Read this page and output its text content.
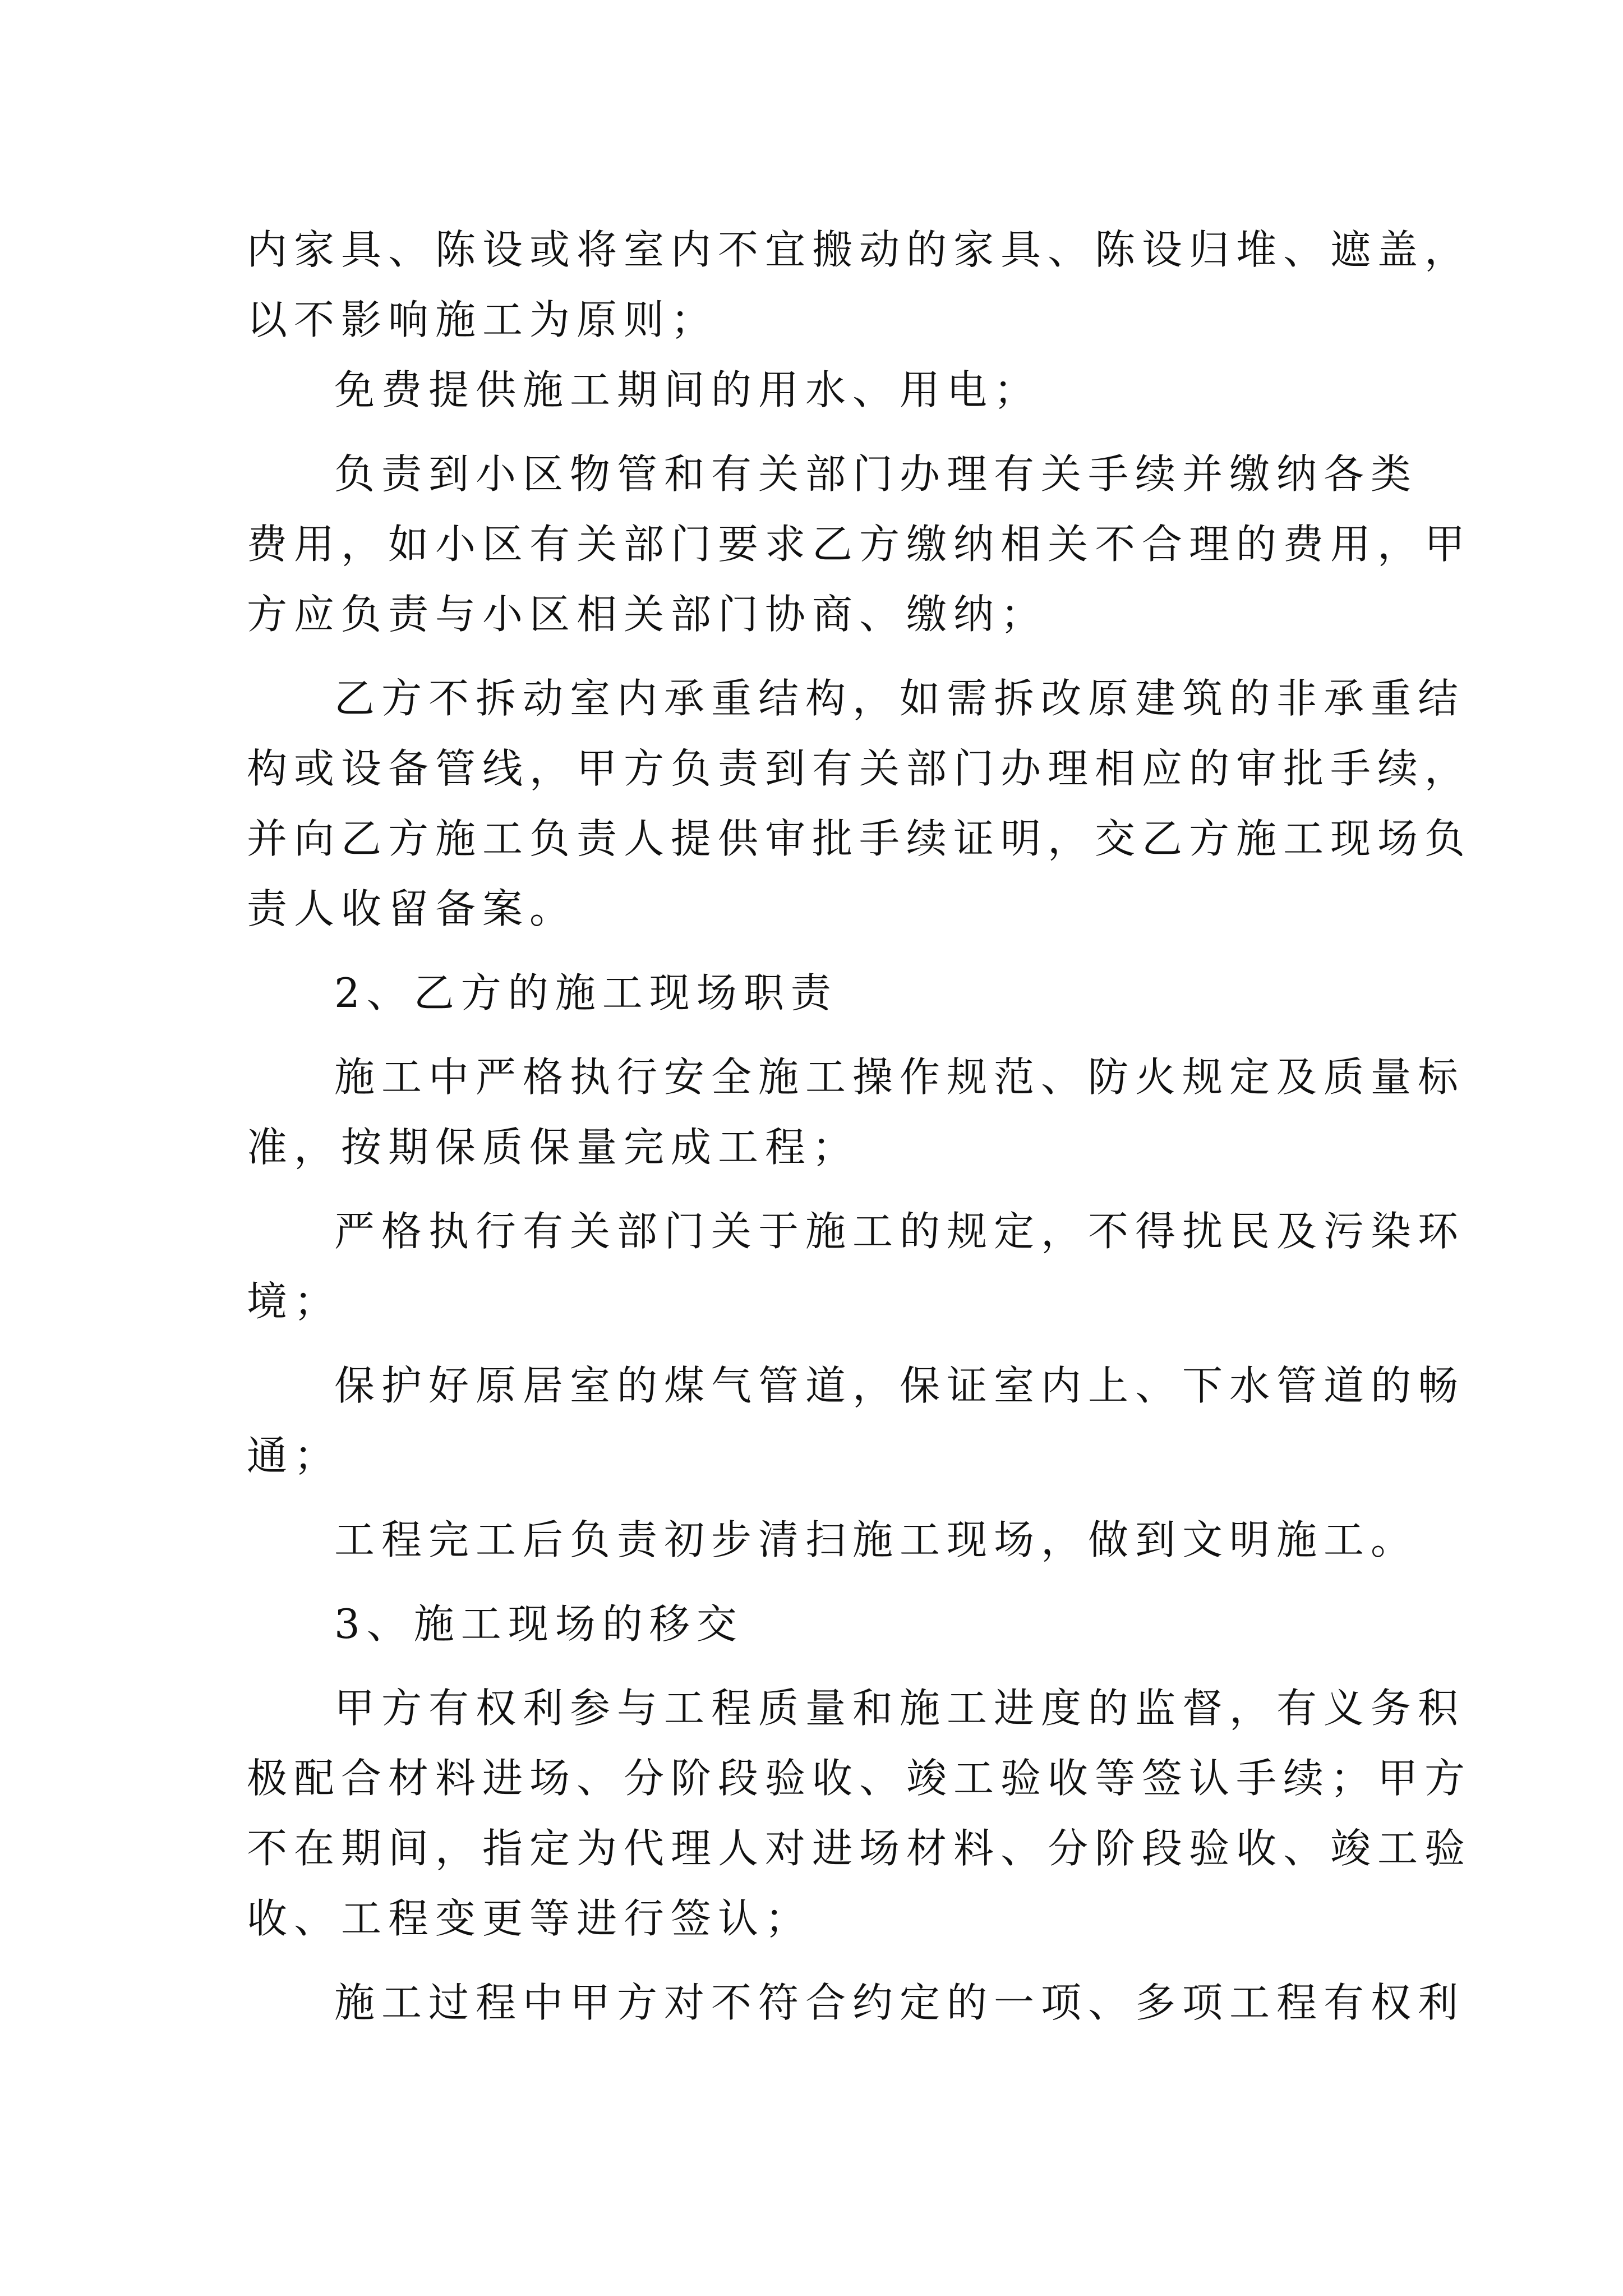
内家具、陈设或将室内不宜搬动的家具、陈设归堆、遮盖，
以不影响施工为原则；
免费提供施工期间的用水、用电；
负责到小区物管和有关部门办理有关手续并缴纳各类
费用，如小区有关部门要求乙方缴纳相关不合理的费用，甲
方应负责与小区相关部门协商、缴纳；
乙方不拆动室内承重结构，如需拆改原建筑的非承重结
构或设备管线，甲方负责到有关部门办理相应的审批手续，
并向乙方施工负责人提供审批手续证明，交乙方施工现场负
责人收留备案。
2、乙方的施工现场职责
施工中严格执行安全施工操作规范、防火规定及质量标
准，按期保质保量完成工程；
严格执行有关部门关于施工的规定，不得扰民及污染环
境；
保护好原居室的煤气管道，保证室内上、下水管道的畅
通；
工程完工后负责初步清扫施工现场，做到文明施工。
3、施工现场的移交
甲方有权利参与工程质量和施工进度的监督，有义务积
极配合材料进场、分阶段验收、竣工验收等签认手续；甲方
不在期间，指定为代理人对进场材料、分阶段验收、竣工验
收、工程变更等进行签认；
施工过程中甲方对不符合约定的一项、多项工程有权利
